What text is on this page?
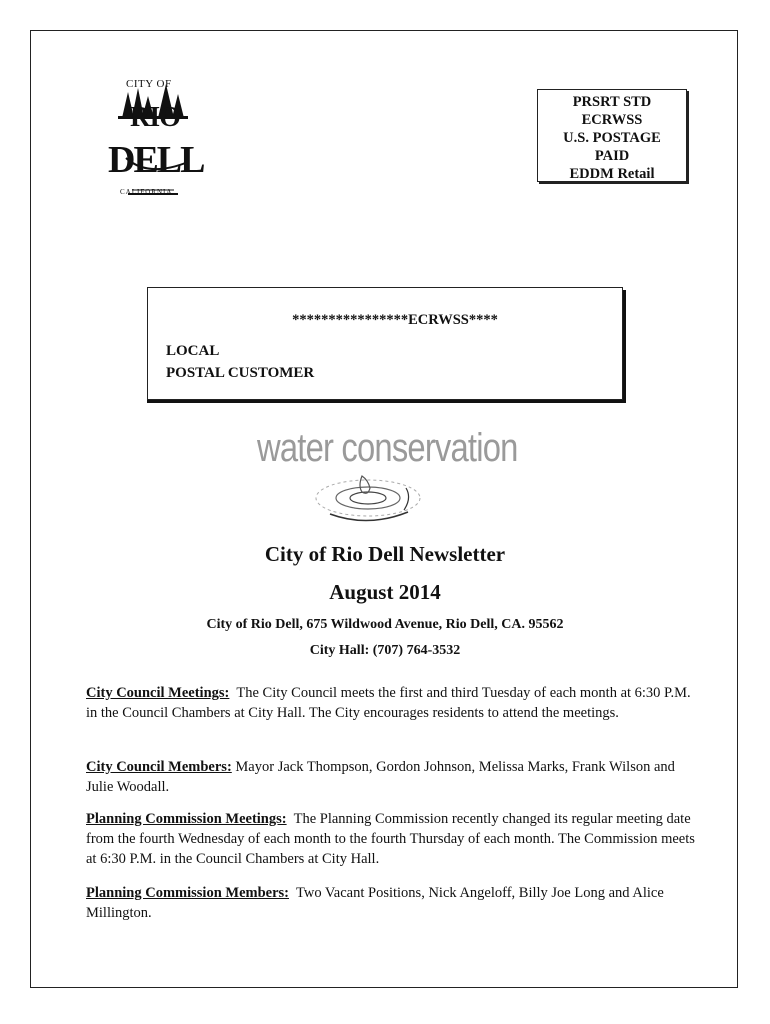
CITY OF
RIO
DELL
CALIFORNIA
PRSRT STD
ECRWSS
U.S. POSTAGE
PAID
EDDM Retail
****************ECRWSS****
LOCAL
POSTAL CUSTOMER
water conservation
City of Rio Dell Newsletter
August 2014
City of Rio Dell, 675 Wildwood Avenue, Rio Dell, CA. 95562
City Hall: (707) 764-3532
City Council Meetings: The City Council meets the first and third Tuesday of each month at 6:30 P.M. in the Council Chambers at City Hall. The City encourages residents to attend the meetings.
City Council Members: Mayor Jack Thompson, Gordon Johnson, Melissa Marks, Frank Wilson and Julie Woodall.
Planning Commission Meetings: The Planning Commission recently changed its regular meeting date from the fourth Wednesday of each month to the fourth Thursday of each month. The Commission meets at 6:30 P.M. in the Council Chambers at City Hall.
Planning Commission Members: Two Vacant Positions, Nick Angeloff, Billy Joe Long and Alice Millington.
